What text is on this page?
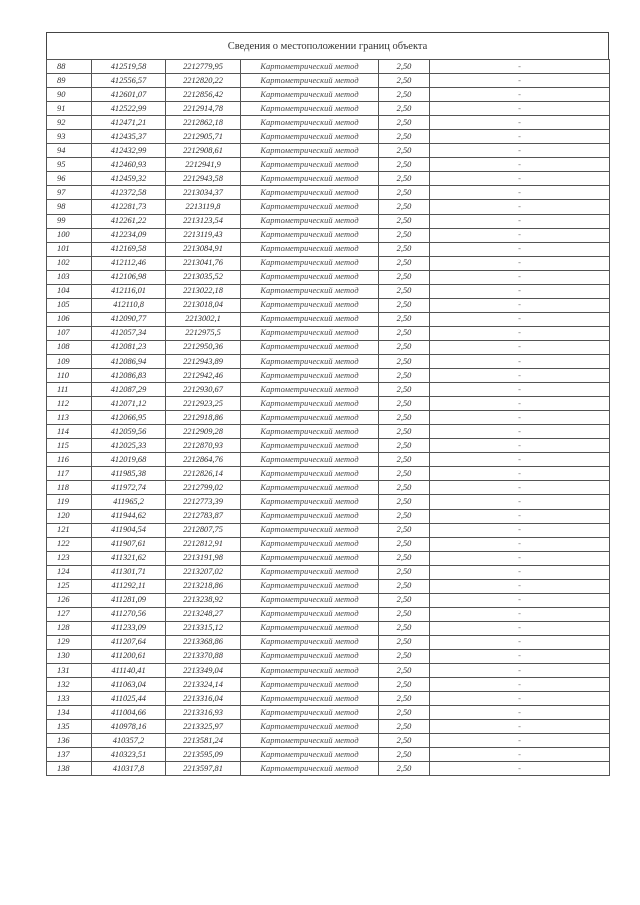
Сведения о местоположении границ объекта
88	412519,58	2212779,95	Картометрический метод	2,50	-
89	412556,57	2212820,22	Картометрический метод	2,50	-
90	412601,07	2212856,42	Картометрический метод	2,50	-
91	412522,99	2212914,78	Картометрический метод	2,50	-
92	412471,21	2212862,18	Картометрический метод	2,50	-
93	412435,37	2212905,71	Картометрический метод	2,50	-
94	412432,99	2212908,61	Картометрический метод	2,50	-
95	412460,93	2212941,9	Картометрический метод	2,50	-
96	412459,32	2212943,58	Картометрический метод	2,50	-
97	412372,58	2213034,37	Картометрический метод	2,50	-
98	412281,73	2213119,8	Картометрический метод	2,50	-
99	412261,22	2213123,54	Картометрический метод	2,50	-
100	412234,09	2213119,43	Картометрический метод	2,50	-
101	412169,58	2213084,91	Картометрический метод	2,50	-
102	412112,46	2213041,76	Картометрический метод	2,50	-
103	412106,98	2213035,52	Картометрический метод	2,50	-
104	412116,01	2213022,18	Картометрический метод	2,50	-
105	412110,8	2213018,04	Картометрический метод	2,50	-
106	412090,77	2213002,1	Картометрический метод	2,50	-
107	412057,34	2212975,5	Картометрический метод	2,50	-
108	412081,23	2212950,36	Картометрический метод	2,50	-
109	412086,94	2212943,89	Картометрический метод	2,50	-
110	412086,83	2212942,46	Картометрический метод	2,50	-
111	412087,29	2212930,67	Картометрический метод	2,50	-
112	412071,12	2212923,25	Картометрический метод	2,50	-
113	412066,95	2212918,86	Картометрический метод	2,50	-
114	412059,56	2212909,28	Картометрический метод	2,50	-
115	412025,33	2212870,93	Картометрический метод	2,50	-
116	412019,68	2212864,76	Картометрический метод	2,50	-
117	411985,38	2212826,14	Картометрический метод	2,50	-
118	411972,74	2212799,02	Картометрический метод	2,50	-
119	411965,2	2212773,39	Картометрический метод	2,50	-
120	411944,62	2212783,87	Картометрический метод	2,50	-
121	411904,54	2212807,75	Картометрический метод	2,50	-
122	411907,61	2212812,91	Картометрический метод	2,50	-
123	411321,62	2213191,98	Картометрический метод	2,50	-
124	411301,71	2213207,02	Картометрический метод	2,50	-
125	411292,11	2213218,86	Картометрический метод	2,50	-
126	411281,09	2213238,92	Картометрический метод	2,50	-
127	411270,56	2213248,27	Картометрический метод	2,50	-
128	411233,09	2213315,12	Картометрический метод	2,50	-
129	411207,64	2213368,86	Картометрический метод	2,50	-
130	411200,61	2213370,88	Картометрический метод	2,50	-
131	411140,41	2213349,04	Картометрический метод	2,50	-
132	411063,04	2213324,14	Картометрический метод	2,50	-
133	411025,44	2213316,04	Картометрический метод	2,50	-
134	411004,66	2213316,93	Картометрический метод	2,50	-
135	410978,16	2213325,97	Картометрический метод	2,50	-
136	410357,2	2213581,24	Картометрический метод	2,50	-
137	410323,51	2213595,09	Картометрический метод	2,50	-
138	410317,8	2213597,81	Картометрический метод	2,50	-
